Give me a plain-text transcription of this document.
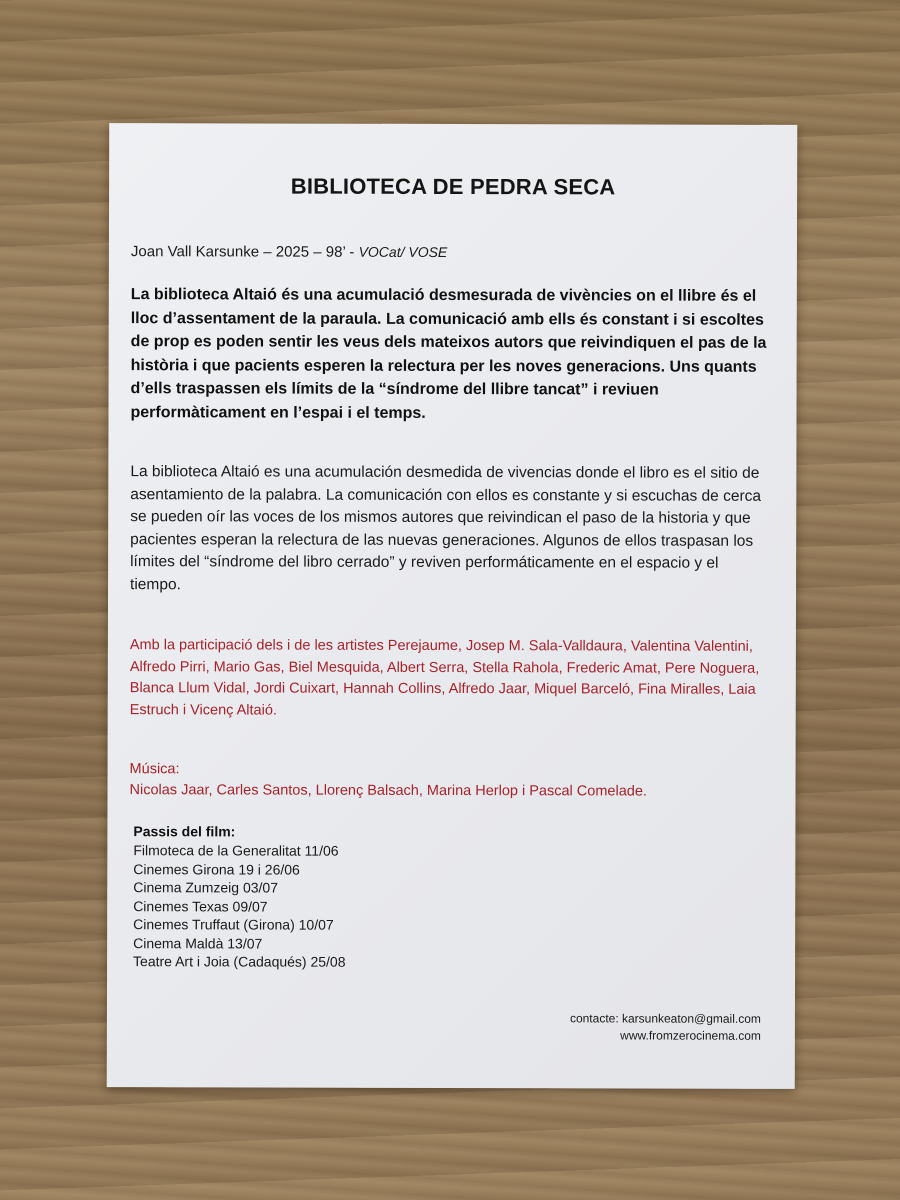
BIBLIOTECA DE PEDRA SECA
Joan Vall Karsunke – 2025 – 98’ - VOCat/ VOSE
La biblioteca Altaió és una acumulació desmesurada de vivències on el llibre és el lloc d’assentament de la paraula. La comunicació amb ells és constant i si escoltes de prop es poden sentir les veus dels mateixos autors que reivindiquen el pas de la història i que pacients esperen la relectura per les noves generacions. Uns quants d’ells traspassen els límits de la “síndrome del llibre tancat” i reviuen performàticament en l’espai i el temps.
La biblioteca Altaió es una acumulación desmedida de vivencias donde el libro es el sitio de asentamiento de la palabra. La comunicación con ellos es constante y si escuchas de cerca se pueden oír las voces de los mismos autores que reivindican el paso de la historia y que pacientes esperan la relectura de las nuevas generaciones. Algunos de ellos traspasan los límites del “síndrome del libro cerrado” y reviven performáticamente en el espacio y el tiempo.
Amb la participació dels i de les artistes Perejaume, Josep M. Sala-Valldaura, Valentina Valentini, Alfredo Pirri, Mario Gas, Biel Mesquida, Albert Serra, Stella Rahola, Frederic Amat, Pere Noguera, Blanca Llum Vidal, Jordi Cuixart, Hannah Collins, Alfredo Jaar, Miquel Barceló, Fina Miralles, Laia Estruch i Vicenç Altaió.
Música:
Nicolas Jaar, Carles Santos, Llorenç Balsach, Marina Herlop i Pascal Comelade.
Passis del film:
Filmoteca de la Generalitat 11/06
Cinemes Girona 19 i 26/06
Cinema Zumzeig 03/07
Cinemes Texas 09/07
Cinemes Truffaut (Girona) 10/07
Cinema Maldà 13/07
Teatre Art i Joia (Cadaqués) 25/08
contacte: karsunkeaton@gmail.com
www.fromzerocinema.com
